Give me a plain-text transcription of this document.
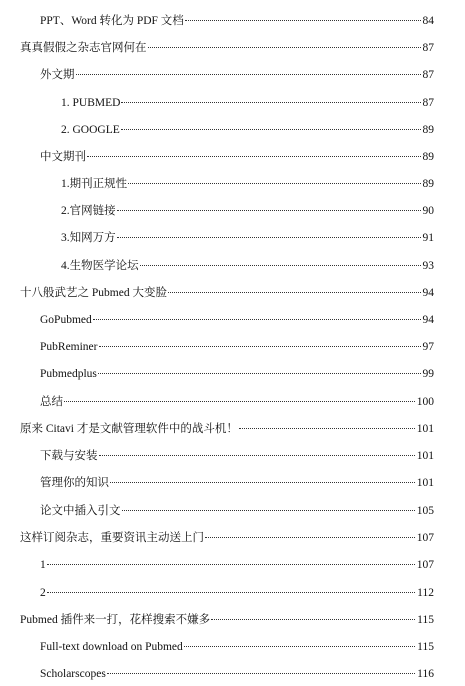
PPT、Word 转化为 PDF 文档	84
真真假假之杂志官网何在	87
外文期	87
1. PUBMED	87
2. GOOGLE	89
中文期刊	89
1.期刊正规性	89
2.官网链接	90
3.知网万方	91
4.生物医学论坛	93
十八般武艺之 Pubmed 大变脸	94
GoPubmed	94
PubReminer	97
Pubmedplus	99
总结	100
原来 Citavi 才是文献管理软件中的战斗机！	101
下载与安装	101
管理你的知识	101
论文中插入引文	105
这样订阅杂志，重要资讯主动送上门	107
1	107
2	112
Pubmed 插件来一打，花样搜索不嫌多	115
Full-text download on Pubmed	115
Scholarscopes	116
